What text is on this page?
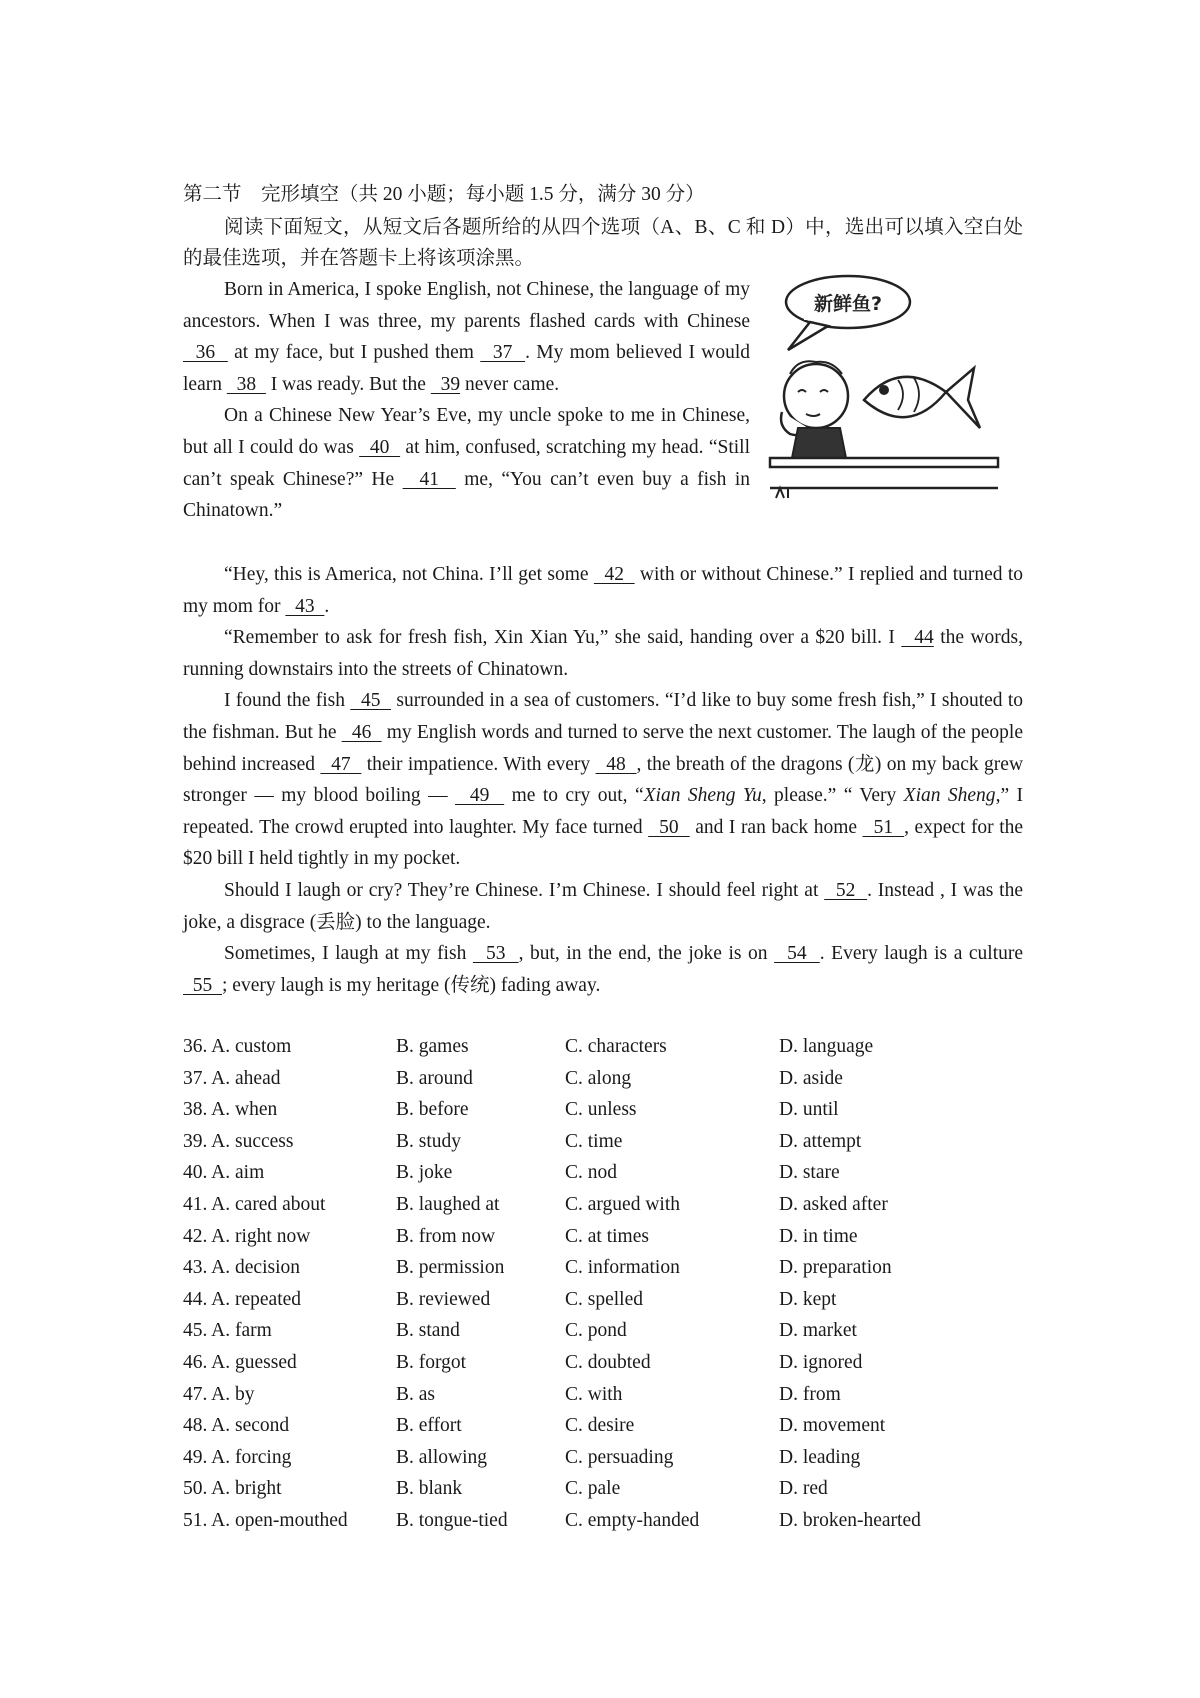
第二节　完形填空（共 20 小题；每小题 1.5 分，满分 30 分）
阅读下面短文，从短文后各题所给的从四个选项（A、B、C 和 D）中，选出可以填入空白处的最佳选项，并在答题卡上将该项涂黑。

Born in America, I spoke English, not Chinese, the language of my ancestors. When I was three, my parents flashed cards with Chinese   36   at my face, but I pushed them   37  . My mom believed I would learn   38   I was ready. But the   39 never came.

On a Chinese New Year’s Eve, my uncle spoke to me in Chinese, but all I could do was   40   at him, confused, scratching my head. “Still can’t speak Chinese?” He   41   me, “You can’t even buy a fish in Chinatown.”

新鲜鱼?

“Hey, this is America, not China. I’ll get some   42   with or without Chinese.” I replied and turned to my mom for   43  .

“Remember to ask for fresh fish, Xin Xian Yu,” she said, handing over a $20 bill. I   44 the words, running downstairs into the streets of Chinatown.

I found the fish   45   surrounded in a sea of customers. “I’d like to buy some fresh fish,” I shouted to the fishman. But he   46   my English words and turned to serve the next customer. The laugh of the people behind increased   47   their impatience. With every   48  , the breath of the dragons (龙) on my back grew stronger — my blood boiling —   49   me to cry out, “Xian Sheng Yu, please.” “ Very Xian Sheng,” I repeated. The crowd erupted into laughter. My face turned   50   and I ran back home   51  , expect for the $20 bill I held tightly in my pocket.

Should I laugh or cry? They’re Chinese. I’m Chinese. I should feel right at   52  . Instead , I was the joke, a disgrace (丢脸) to the language.

Sometimes, I laugh at my fish   53  , but, in the end, the joke is on   54  . Every laugh is a culture   55  ; every laugh is my heritage (传统) fading away.

36. A. custom	B. games	C. characters	D. language
37. A. ahead	B. around	C. along	D. aside
38. A. when	B. before	C. unless	D. until
39. A. success	B. study	C. time	D. attempt
40. A. aim	B. joke	C. nod	D. stare
41. A. cared about	B. laughed at	C. argued with	D. asked after
42. A. right now	B. from now	C. at times	D. in time
43. A. decision	B. permission	C. information	D. preparation
44. A. repeated	B. reviewed	C. spelled	D. kept
45. A. farm	B. stand	C. pond	D. market
46. A. guessed	B. forgot	C. doubted	D. ignored
47. A. by	B. as	C. with	D. from
48. A. second	B. effort	C. desire	D. movement
49. A. forcing	B. allowing	C. persuading	D. leading
50. A. bright	B. blank	C. pale	D. red
51. A. open-mouthed B. tongue-tied	C. empty-handed	D. broken-hearted
